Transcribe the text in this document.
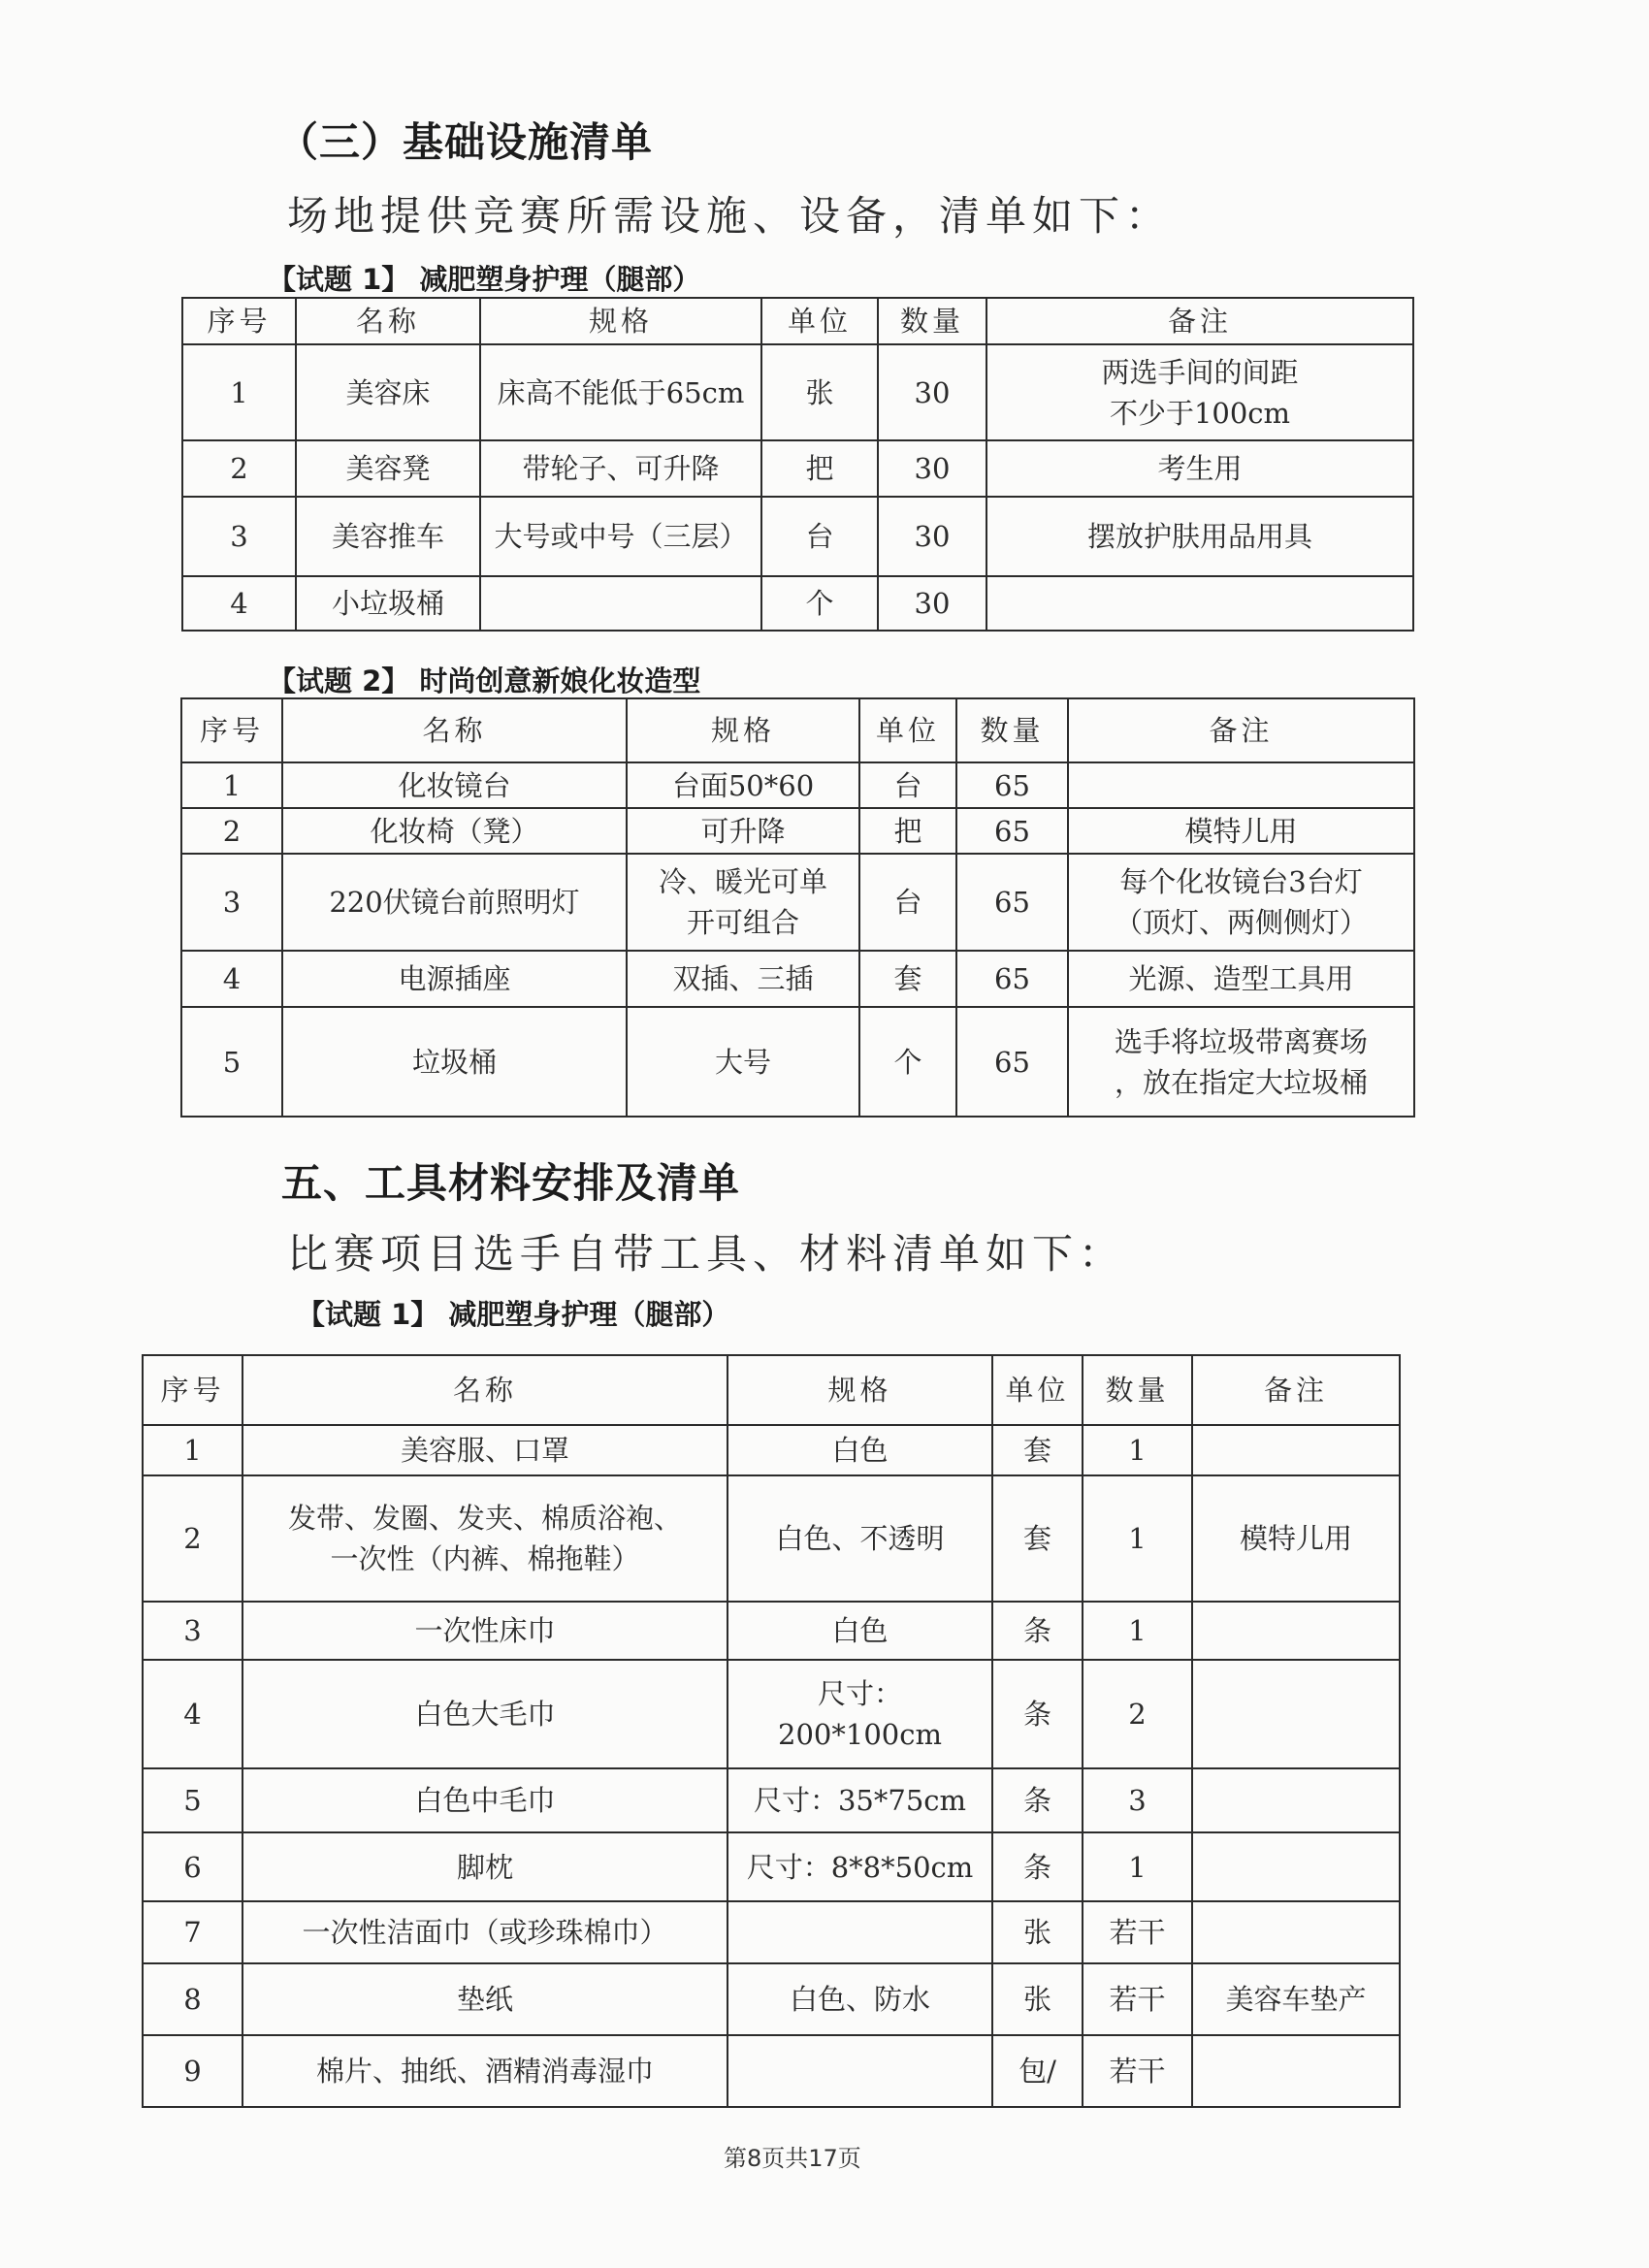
（三）基础设施清单
场地提供竞赛所需设施、设备，清单如下：
【试题 1】 减肥塑身护理（腿部）
序号	名称	规格	单位	数量	备注
1	美容床	床高不能低于65cm	张	30	两选手间的间距
不少于100cm
2	美容凳	带轮子、可升降	把	30	考生用
3	美容推车	大号或中号（三层）	台	30	摆放护肤用品用具
4	小垃圾桶		个	30	
【试题 2】 时尚创意新娘化妆造型
序号	名称	规格	单位	数量	备注
1	化妆镜台	台面50*60	台	65	
2	化妆椅（凳）	可升降	把	65	模特儿用
3	220伏镜台前照明灯	冷、暖光可单
开可组合	台	65	每个化妆镜台3台灯
（顶灯、两侧侧灯）
4	电源插座	双插、三插	套	65	光源、造型工具用
5	垃圾桶	大号	个	65	选手将垃圾带离赛场
，放在指定大垃圾桶
五、工具材料安排及清单
比赛项目选手自带工具、材料清单如下：
【试题 1】 减肥塑身护理（腿部）
序号	名称	规格	单位	数量	备注
1	美容服、口罩	白色	套	1	
2	发带、发圈、发夹、棉质浴袍、
一次性（内裤、棉拖鞋）	白色、不透明	套	1	模特儿用
3	一次性床巾	白色	条	1	
4	白色大毛巾	尺寸：
200*100cm	条	2	
5	白色中毛巾	尺寸：35*75cm	条	3	
6	脚枕	尺寸：8*8*50cm	条	1	
7	一次性洁面巾（或珍珠棉巾）		张	若干	
8	垫纸	白色、防水	张	若干	美容车垫产
9	棉片、抽纸、酒精消毒湿巾		包/	若干	
第8页共17页
